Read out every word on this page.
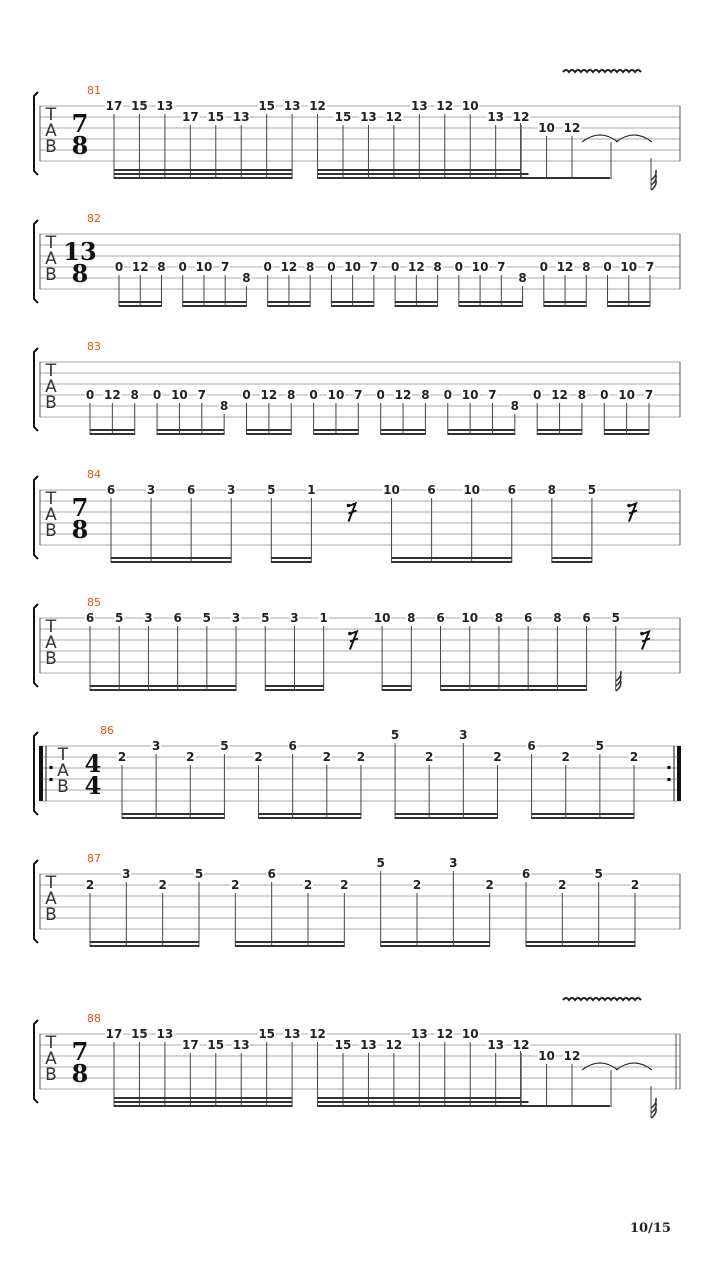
T
A
B
81
7
8
17 15 13
17 15 13
15 13 12
15 13 12
13 12 10
13 12
10 12
T
A
B
82
13
8 0 12 8 0 10 7
8
0 12 8 0 10 7 0 12 8 0 10 7
8
0 12 8 0 10 7
T
A
B
83
0 12 8 0 10 7
8
0 12 8 0 10 7 0 12 8 0 10 7
8
0 12 8 0 10 7
T
A
B
84
7
8
6	3	6	3	5	1	10 6 10 6	8	5
T
A
B
85
6 5 3 6 5 3 5 3 1	10 8 6 10 8 6 8 6 5
T
A
B
86
4
4
2
3
2
5
2
6
2 2
5
2
3
2
6
2
5
2
T
A
B
87
2
3
2
5
2
6
2 2
5
2
3
2
6
2
5
2
T
A
B
88
7
8
17 15 13
17 15 13
15 13 12
15 13 12
13 12 10
13 12
10 12
10/15
